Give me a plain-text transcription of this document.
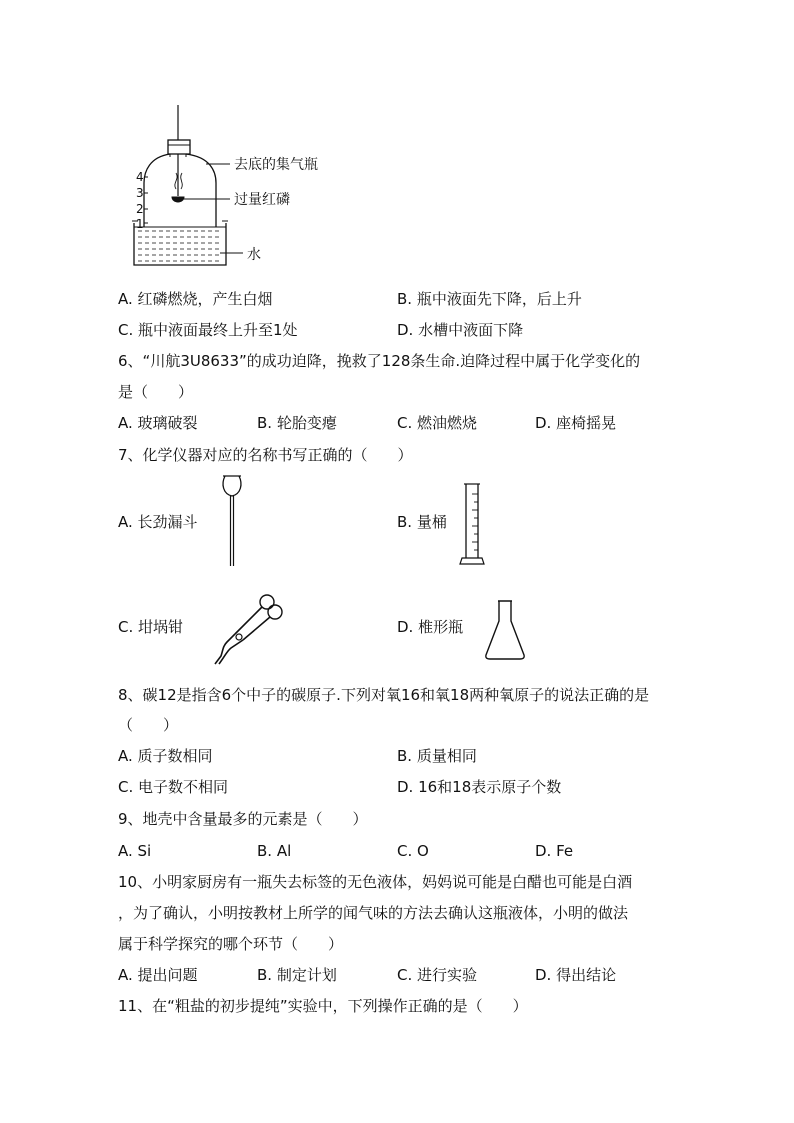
去底的集气瓶
过量红磷
水
4
3
2
1
A. 红磷燃烧，产生白烟	B. 瓶中液面先下降，后上升
C. 瓶中液面最终上升至1处	D. 水槽中液面下降
6、“川航3U8633”的成功迫降，挽救了128条生命.迫降过程中属于化学变化的
是（　　）
A. 玻璃破裂	B. 轮胎变瘪	C. 燃油燃烧	D. 座椅摇晃
7、化学仪器对应的名称书写正确的（　　）
A. 长劲漏斗	B. 量桶
C. 坩埚钳	D. 椎形瓶
8、碳12是指含6个中子的碳原子.下列对氧16和氧18两种氧原子的说法正确的是
（　　）
A. 质子数相同	B. 质量相同
C. 电子数不相同	D. 16和18表示原子个数
9、地壳中含量最多的元素是（　　）
A. Si	B. Al	C. O	D. Fe
10、小明家厨房有一瓶失去标签的无色液体，妈妈说可能是白醋也可能是白酒
，为了确认，小明按教材上所学的闻气味的方法去确认这瓶液体，小明的做法
属于科学探究的哪个环节（　　）
A. 提出问题	B. 制定计划	C. 进行实验	D. 得出结论
11、在“粗盐的初步提纯”实验中，下列操作正确的是（　　）
